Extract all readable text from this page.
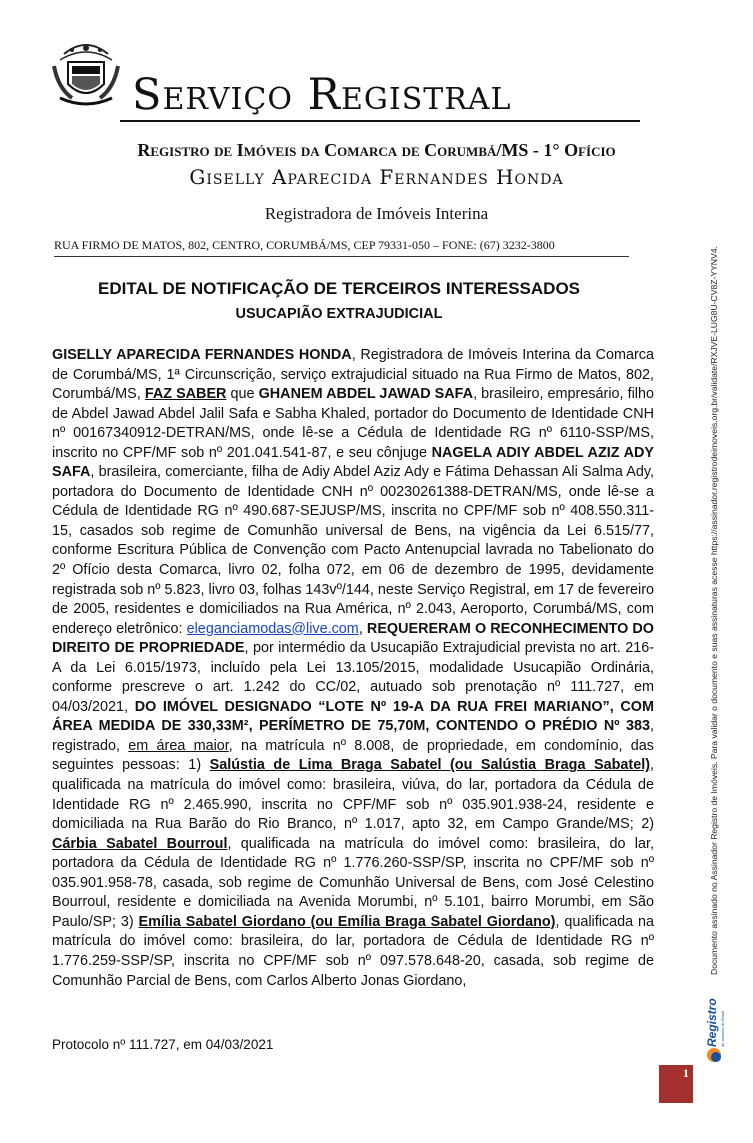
Serviço Registral
Registro de Imóveis da Comarca de Corumbá/MS - 1° Ofício
Giselly Aparecida Fernandes Honda
Registradora de Imóveis Interina
RUA FIRMO DE MATOS, 802, CENTRO, CORUMBÁ/MS, CEP 79331-050 – FONE: (67) 3232-3800
EDITAL DE NOTIFICAÇÃO DE TERCEIROS INTERESSADOS
USUCAPIÃO EXTRAJUDICIAL
GISELLY APARECIDA FERNANDES HONDA, Registradora de Imóveis Interina da Comarca de Corumbá/MS, 1ª Circunscrição, serviço extrajudicial situado na Rua Firmo de Matos, 802, Corumbá/MS, FAZ SABER que GHANEM ABDEL JAWAD SAFA, brasileiro, empresário, filho de Abdel Jawad Abdel Jalil Safa e Sabha Khaled, portador do Documento de Identidade CNH nº 00167340912-DETRAN/MS, onde lê-se a Cédula de Identidade RG nº 6110-SSP/MS, inscrito no CPF/MF sob nº 201.041.541-87, e seu cônjuge NAGELA ADIY ABDEL AZIZ ADY SAFA, brasileira, comerciante, filha de Adiy Abdel Aziz Ady e Fátima Dehassan Ali Salma Ady, portadora do Documento de Identidade CNH nº 00230261388-DETRAN/MS, onde lê-se a Cédula de Identidade RG nº 490.687-SEJUSP/MS, inscrita no CPF/MF sob nº 408.550.311-15, casados sob regime de Comunhão universal de Bens, na vigência da Lei 6.515/77, conforme Escritura Pública de Convenção com Pacto Antenupcial lavrada no Tabelionato do 2º Ofício desta Comarca, livro 02, folha 072, em 06 de dezembro de 1995, devidamente registrada sob nº 5.823, livro 03, folhas 143vº/144, neste Serviço Registral, em 17 de fevereiro de 2005, residentes e domiciliados na Rua América, nº 2.043, Aeroporto, Corumbá/MS, com endereço eletrônico: eleganciamodas@live.com, REQUERERAM O RECONHECIMENTO DO DIREITO DE PROPRIEDADE, por intermédio da Usucapião Extrajudicial prevista no art. 216-A da Lei 6.015/1973, incluído pela Lei 13.105/2015, modalidade Usucapião Ordinária, conforme prescreve o art. 1.242 do CC/02, autuado sob prenotação nº 111.727, em 04/03/2021, DO IMÓVEL DESIGNADO “LOTE Nº 19-A DA RUA FREI MARIANO”, COM ÁREA MEDIDA DE 330,33M², PERÍMETRO DE 75,70M, CONTENDO O PRÉDIO Nº 383, registrado, em área maior, na matrícula nº 8.008, de propriedade, em condomínio, das seguintes pessoas: 1) Salústia de Lima Braga Sabatel (ou Salústia Braga Sabatel), qualificada na matrícula do imóvel como: brasileira, viúva, do lar, portadora da Cédula de Identidade RG nº 2.465.990, inscrita no CPF/MF sob nº 035.901.938-24, residente e domiciliada na Rua Barão do Rio Branco, nº 1.017, apto 32, em Campo Grande/MS; 2) Cárbia Sabatel Bourroul, qualificada na matrícula do imóvel como: brasileira, do lar, portadora da Cédula de Identidade RG nº 1.776.260-SSP/SP, inscrita no CPF/MF sob nº 035.901.958-78, casada, sob regime de Comunhão Universal de Bens, com José Celestino Bourroul, residente e domiciliada na Avenida Morumbi, nº 5.101, bairro Morumbi, em São Paulo/SP; 3) Emília Sabatel Giordano (ou Emília Braga Sabatel Giordano), qualificada na matrícula do imóvel como: brasileira, do lar, portadora de Cédula de Identidade RG nº 1.776.259-SSP/SP, inscrita no CPF/MF sob nº 097.578.648-20, casada, sob regime de Comunhão Parcial de Bens, com Carlos Alberto Jonas Giordano,
Protocolo nº 111.727, em 04/03/2021
Documento assinado no Assinador Registro de Imóveis. Para validar o documento e suas assinaturas acesse https://assinador.registrodeimoveis.org.br/validate/RXJVE-LUG8U-CV8Z-YYNV4.
Registro de Imóveis do Brasil
1
